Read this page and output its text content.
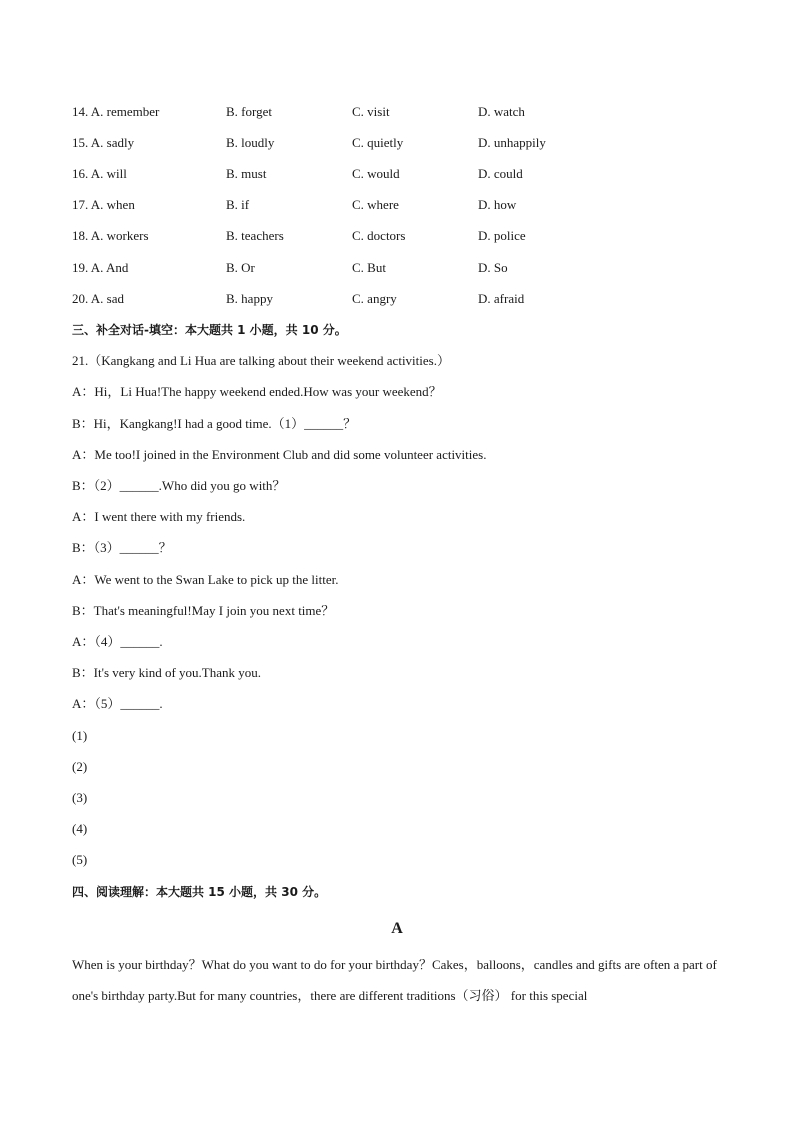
14. A. remember	B. forget	C. visit	D. watch
15. A. sadly	B. loudly	C. quietly	D. unhappily
16. A. will	B. must	C. would	D. could
17. A. when	B. if	C. where	D. how
18. A. workers	B. teachers	C. doctors	D. police
19. A. And	B. Or	C. But	D. So
20. A. sad	B. happy	C. angry	D. afraid
三、补全对话-填空：本大题共 1 小题，共 10 分。
21.（Kangkang and Li Hua are talking about their weekend activities.）
A：Hi，Li Hua!The happy weekend ended.How was your weekend？
B：Hi，Kangkang!I had a good time.（1）______？
A：Me too!I joined in the Environment Club and did some volunteer activities.
B：（2）______.Who did you go with？
A：I went there with my friends.
B：（3）______？
A：We went to the Swan Lake to pick up the litter.
B：That's meaningful!May I join you next time？
A：（4）______.
B：It's very kind of you.Thank you.
A：（5）______.
(1)
(2)
(3)
(4)
(5)
四、阅读理解：本大题共 15 小题，共 30 分。
A
When is your birthday？What do you want to do for your birthday？Cakes，balloons，candles and gifts are often a part of one's birthday party.But for many countries，there are different traditions（习俗） for this special
